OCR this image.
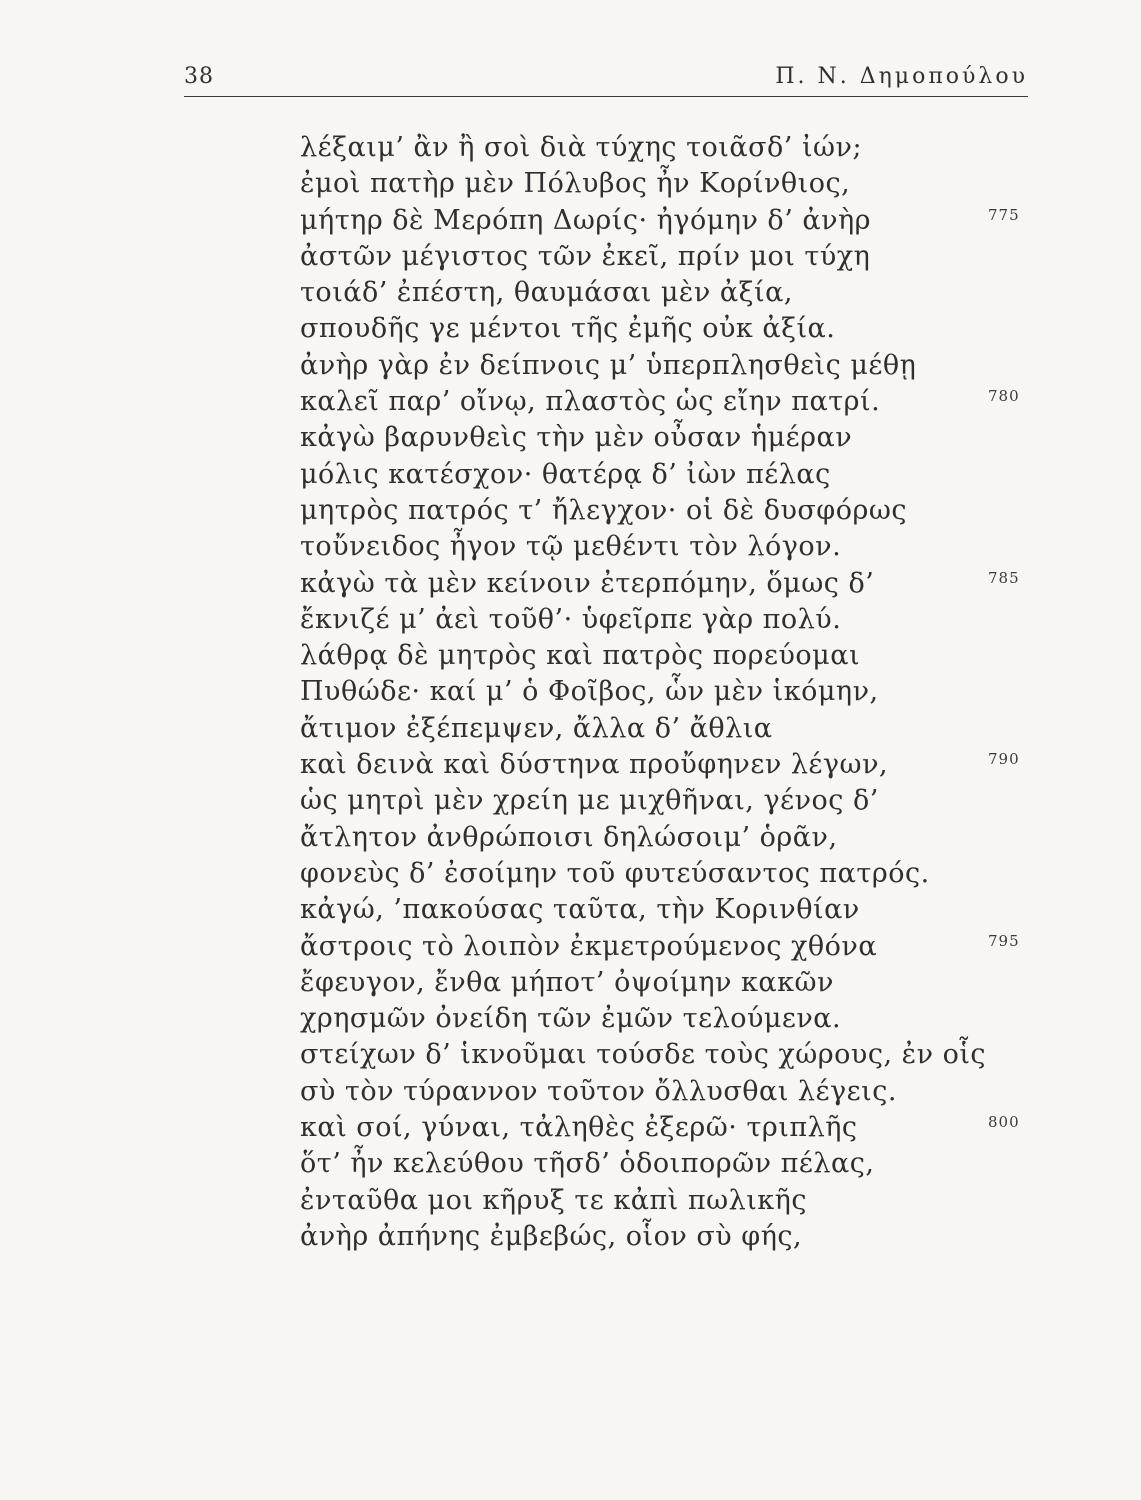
38	Π. Ν. Δημοπούλου
λέξαιμ’ ἂν ἢ σοὶ διὰ τύχης τοιᾶσδ’ ἰών;
ἐμοὶ πατὴρ μὲν Πόλυβος ἦν Κορίνθιος,
μήτηρ δὲ Μερόπη Δωρίς· ἠγόμην δ’ ἀνὴρ	775
ἀστῶν μέγιστος τῶν ἐκεῖ, πρίν μοι τύχη
τοιάδ’ ἐπέστη, θαυμάσαι μὲν ἀξία,
σπουδῆς γε μέντοι τῆς ἐμῆς οὐκ ἀξία.
ἀνὴρ γὰρ ἐν δείπνοις μ’ ὑπερπλησθεὶς μέθῃ
καλεῖ παρ’ οἴνῳ, πλαστὸς ὡς εἴην πατρί.	780
κἀγὼ βαρυνθεὶς τὴν μὲν οὖσαν ἡμέραν
μόλις κατέσχον· θατέρᾳ δ’ ἰὼν πέλας
μητρὸς πατρός τ’ ἤλεγχον· οἱ δὲ δυσφόρως
τοὔνειδος ἦγον τῷ μεθέντι τὸν λόγον.
κἀγὼ τὰ μὲν κείνοιν ἐτερπόμην, ὅμως δ’	785
ἔκνιζέ μ’ ἀεὶ τοῦθ’· ὑφεῖρπε γὰρ πολύ.
λάθρᾳ δὲ μητρὸς καὶ πατρὸς πορεύομαι
Πυθώδε· καί μ’ ὁ Φοῖβος, ὧν μὲν ἱκόμην,
ἄτιμον ἐξέπεμψεν, ἄλλα δ’ ἄθλια
καὶ δεινὰ καὶ δύστηνα προὔφηνεν λέγων,	790
ὡς μητρὶ μὲν χρείη με μιχθῆναι, γένος δ’
ἄτλητον ἀνθρώποισι δηλώσοιμ’ ὁρᾶν,
φονεὺς δ’ ἐσοίμην τοῦ φυτεύσαντος πατρός.
κἀγώ, ’πακούσας ταῦτα, τὴν Κορινθίαν
ἄστροις τὸ λοιπὸν ἐκμετρούμενος χθόνα	795
ἔφευγον, ἔνθα μήποτ’ ὀψοίμην κακῶν
χρησμῶν ὀνείδη τῶν ἐμῶν τελούμενα.
στείχων δ’ ἱκνοῦμαι τούσδε τοὺς χώρους, ἐν οἷς
σὺ τὸν τύραννον τοῦτον ὄλλυσθαι λέγεις.
καὶ σοί, γύναι, τἀληθὲς ἐξερῶ· τριπλῆς	800
ὅτ’ ἦν κελεύθου τῆσδ’ ὁδοιπορῶν πέλας,
ἐνταῦθα μοι κῆρυξ τε κἀπὶ πωλικῆς
ἀνὴρ ἀπήνης ἐμβεβώς, οἷον σὺ φής,
